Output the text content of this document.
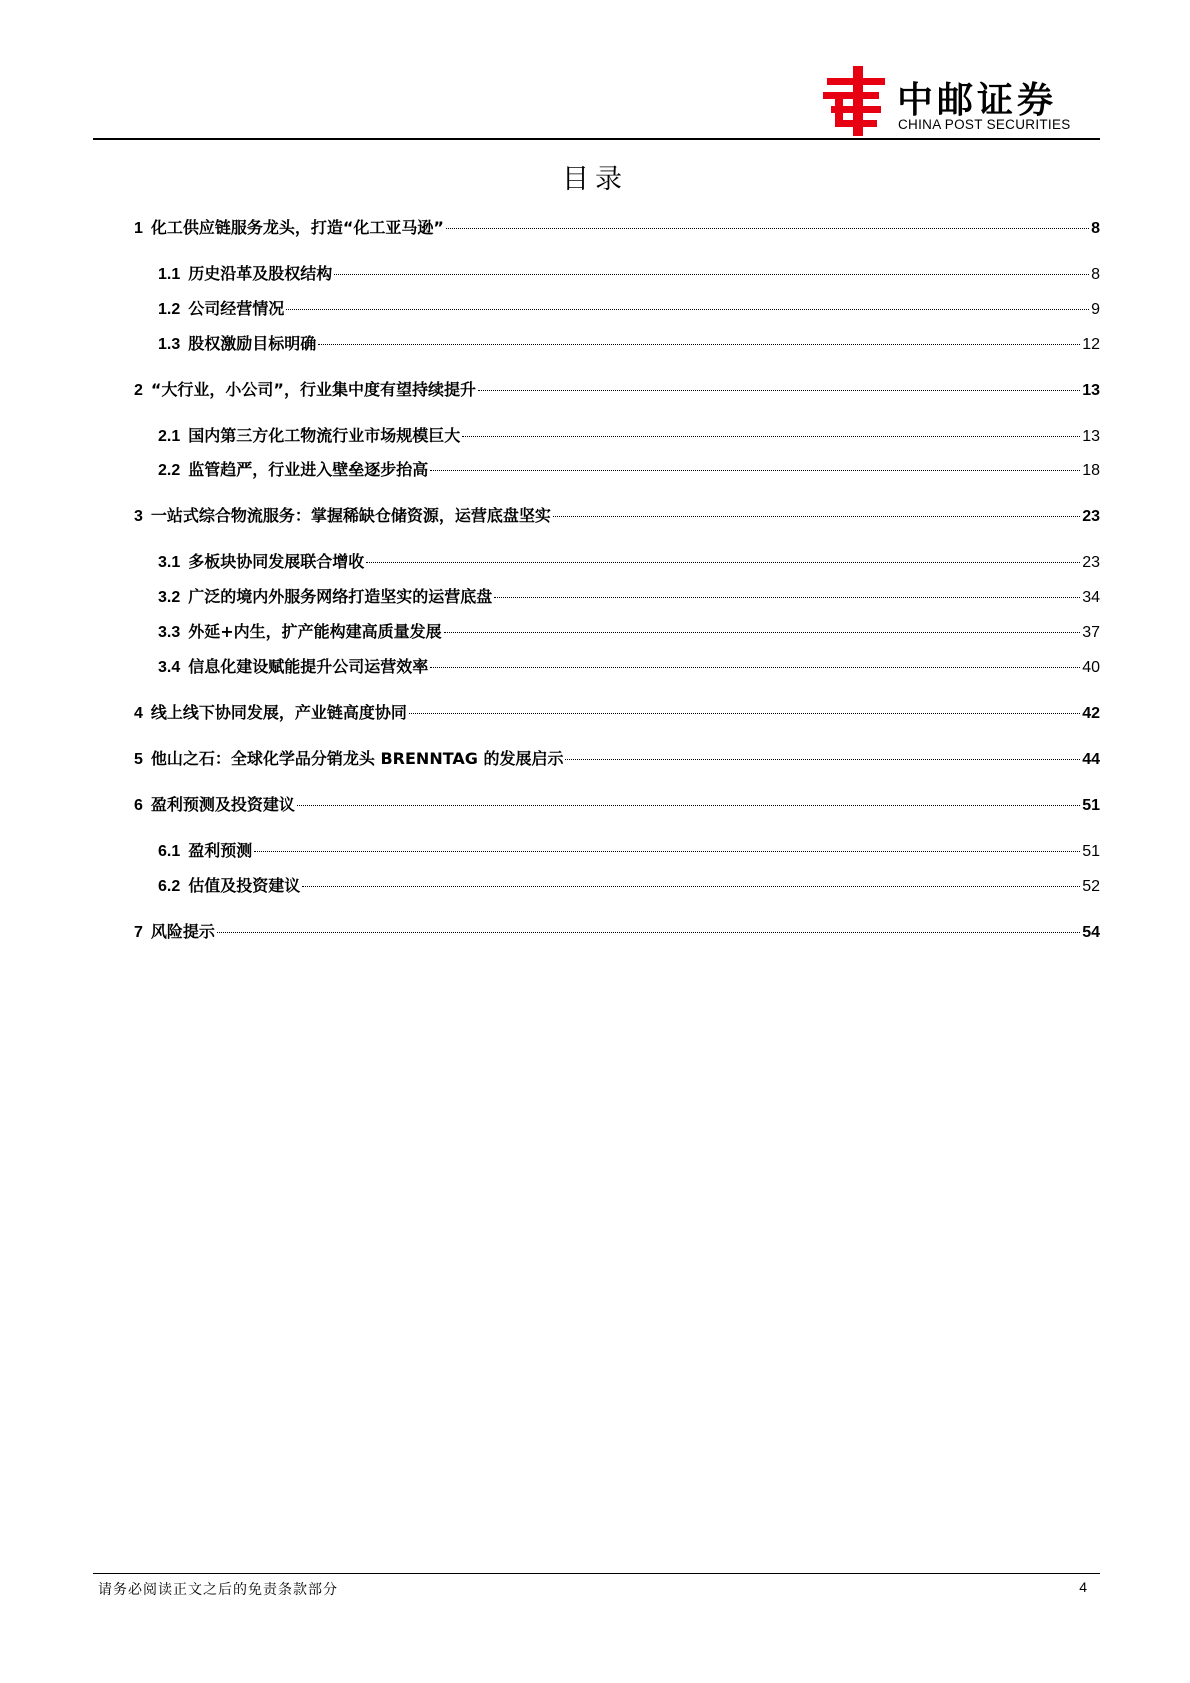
中邮证券
CHINA POST SECURITIES
目录
1 化工供应链服务龙头，打造“化工亚马逊”	8
1.1 历史沿革及股权结构	8
1.2 公司经营情况	9
1.3 股权激励目标明确	12
2 “大行业，小公司”，行业集中度有望持续提升	13
2.1 国内第三方化工物流行业市场规模巨大	13
2.2 监管趋严，行业进入壁垒逐步抬高	18
3 一站式综合物流服务：掌握稀缺仓储资源，运营底盘坚实	23
3.1 多板块协同发展联合增收	23
3.2 广泛的境内外服务网络打造坚实的运营底盘	34
3.3 外延+内生，扩产能构建高质量发展	37
3.4 信息化建设赋能提升公司运营效率	40
4 线上线下协同发展，产业链高度协同	42
5 他山之石：全球化学品分销龙头 BRENNTAG 的发展启示	44
6 盈利预测及投资建议	51
6.1 盈利预测	51
6.2 估值及投资建议	52
7 风险提示	54
请务必阅读正文之后的免责条款部分	4
